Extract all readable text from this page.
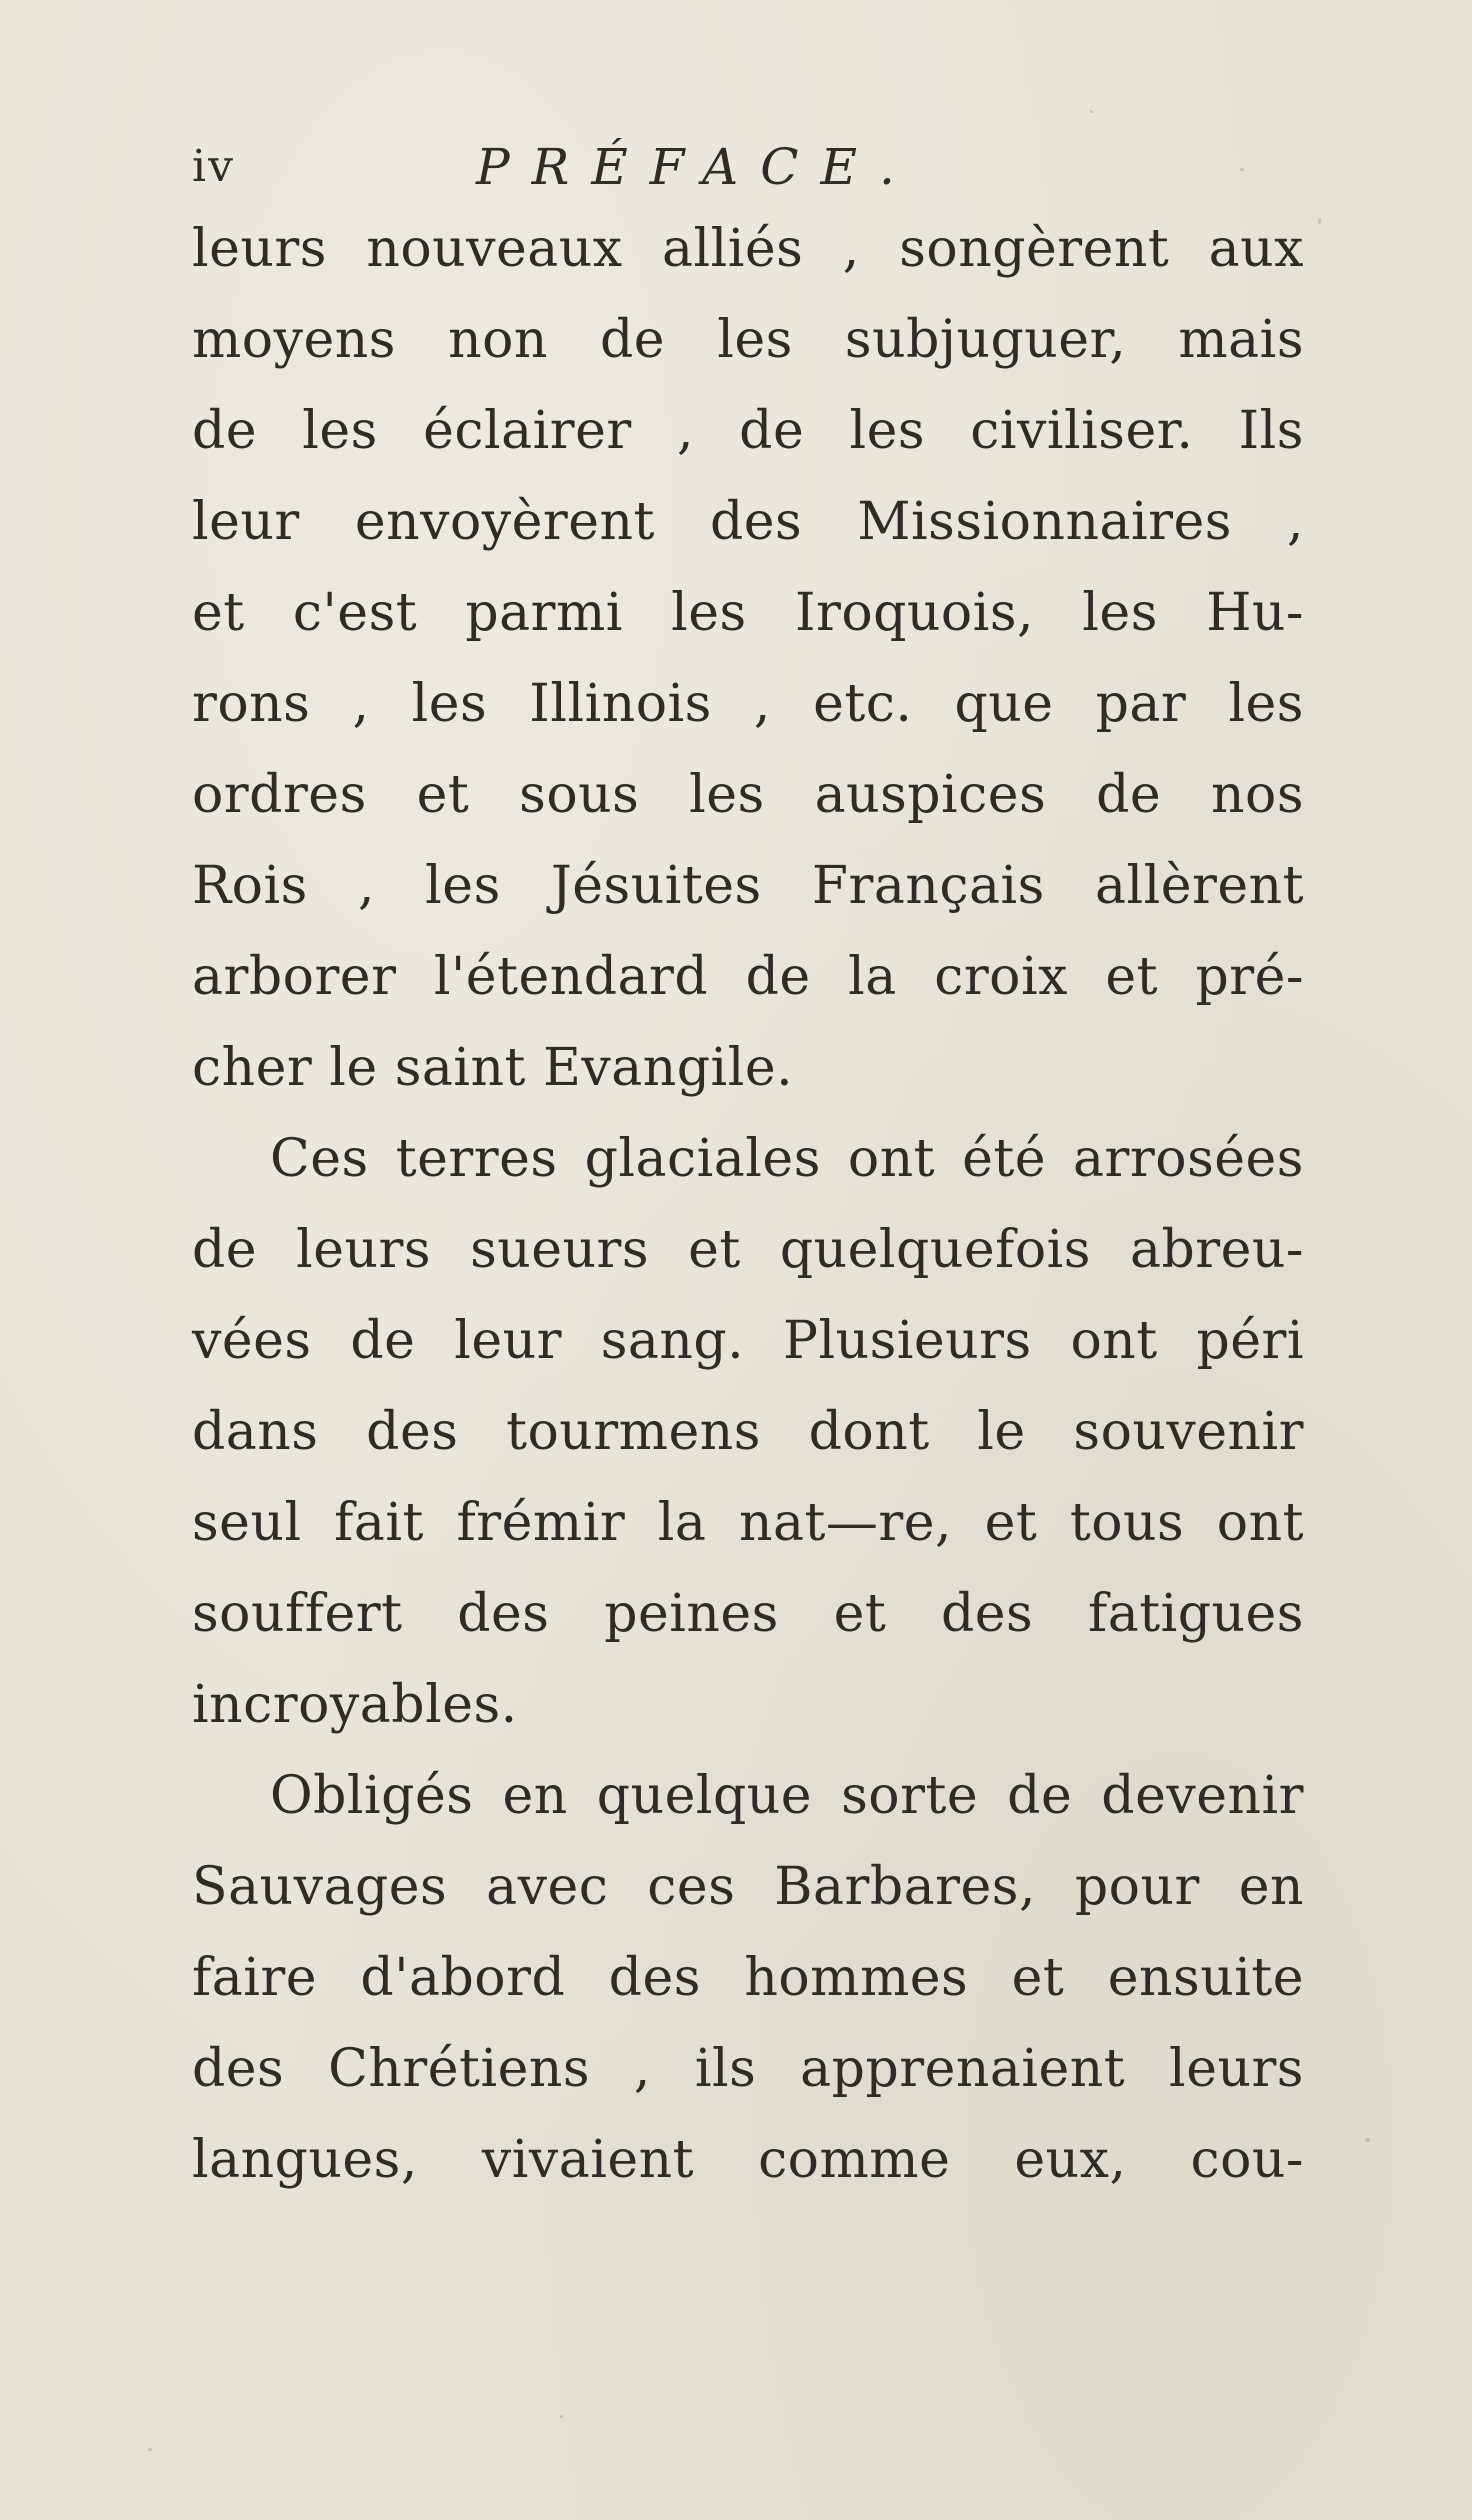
iv	PRÉFACE.
leurs nouveaux alliés , songèrent aux
moyens non de les subjuguer, mais
de les éclairer , de les civiliser. Ils
leur envoyèrent des Missionnaires ,
et c'est parmi les Iroquois, les Hu-
rons , les Illinois , etc. que par les
ordres et sous les auspices de nos
Rois , les Jésuites Français allèrent
arborer l'étendard de la croix et pré-
cher le saint Evangile.
Ces terres glaciales ont été arrosées
de leurs sueurs et quelquefois abreu-
vées de leur sang. Plusieurs ont péri
dans des tourmens dont le souvenir
seul fait frémir la nat—re, et tous ont
souffert des peines et des fatigues
incroyables.
Obligés en quelque sorte de devenir
Sauvages avec ces Barbares, pour en
faire d'abord des hommes et ensuite
des Chrétiens , ils apprenaient leurs
langues, vivaient comme eux, cou-
